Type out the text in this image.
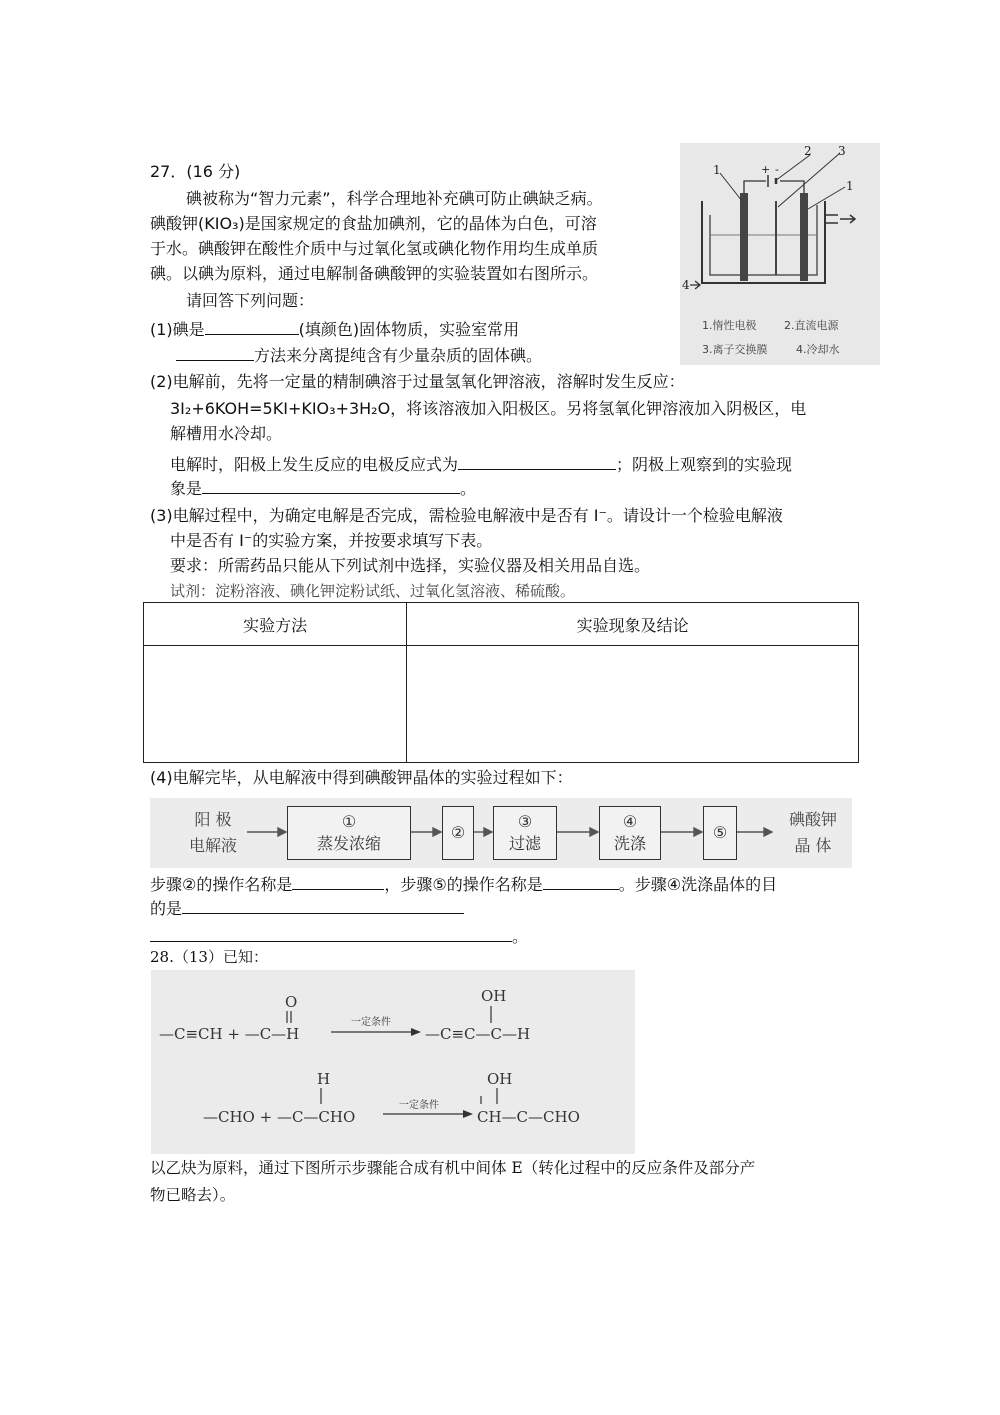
27．(16 分)
碘被称为“智力元素”，科学合理地补充碘可防止碘缺乏病。
碘酸钾(KIO₃)是国家规定的食盐加碘剂，它的晶体为白色，可溶
于水。碘酸钾在酸性介质中与过氧化氢或碘化物作用均生成单质
碘。以碘为原料，通过电解制备碘酸钾的实验装置如右图所示。
请回答下列问题：
(1)碘是	(填颜色)固体物质，实验室常用
方法来分离提纯含有少量杂质的固体碘。
1
2 3
1
4
+ -
1.惰性电极	2.直流电源
3.离子交换膜	4.冷却水
(2)电解前，先将一定量的精制碘溶于过量氢氧化钾溶液，溶解时发生反应：
3I₂+6KOH=5KI+KIO₃+3H₂O，将该溶液加入阳极区。另将氢氧化钾溶液加入阴极区，电
解槽用水冷却。
电解时，阳极上发生反应的电极反应式为	；阴极上观察到的实验现
象是	。
(3)电解过程中，为确定电解是否完成，需检验电解液中是否有 I⁻。请设计一个检验电解液
中是否有 I⁻的实验方案，并按要求填写下表。
要求：所需药品只能从下列试剂中选择，实验仪器及相关用品自选。
试剂：淀粉溶液、碘化钾淀粉试纸、过氧化氢溶液、稀硫酸。
实验方法	实验现象及结论

(4)电解完毕，从电解液中得到碘酸钾晶体的实验过程如下：
阳 极
电解液
①
蒸发浓缩
②
③
过滤
④
洗涤
⑤
碘酸钾
晶 体
步骤②的操作名称是	，步骤⑤的操作名称是	。步骤④洗涤晶体的目
的是
。
28.（13）已知：
O
—C≡CH + —C—H
一定条件
OH
—C≡C—C—H
H
—CHO + —C—CHO
一定条件
OH
CH—C—CHO
以乙炔为原料，通过下图所示步骤能合成有机中间体 E（转化过程中的反应条件及部分产
物已略去）。
